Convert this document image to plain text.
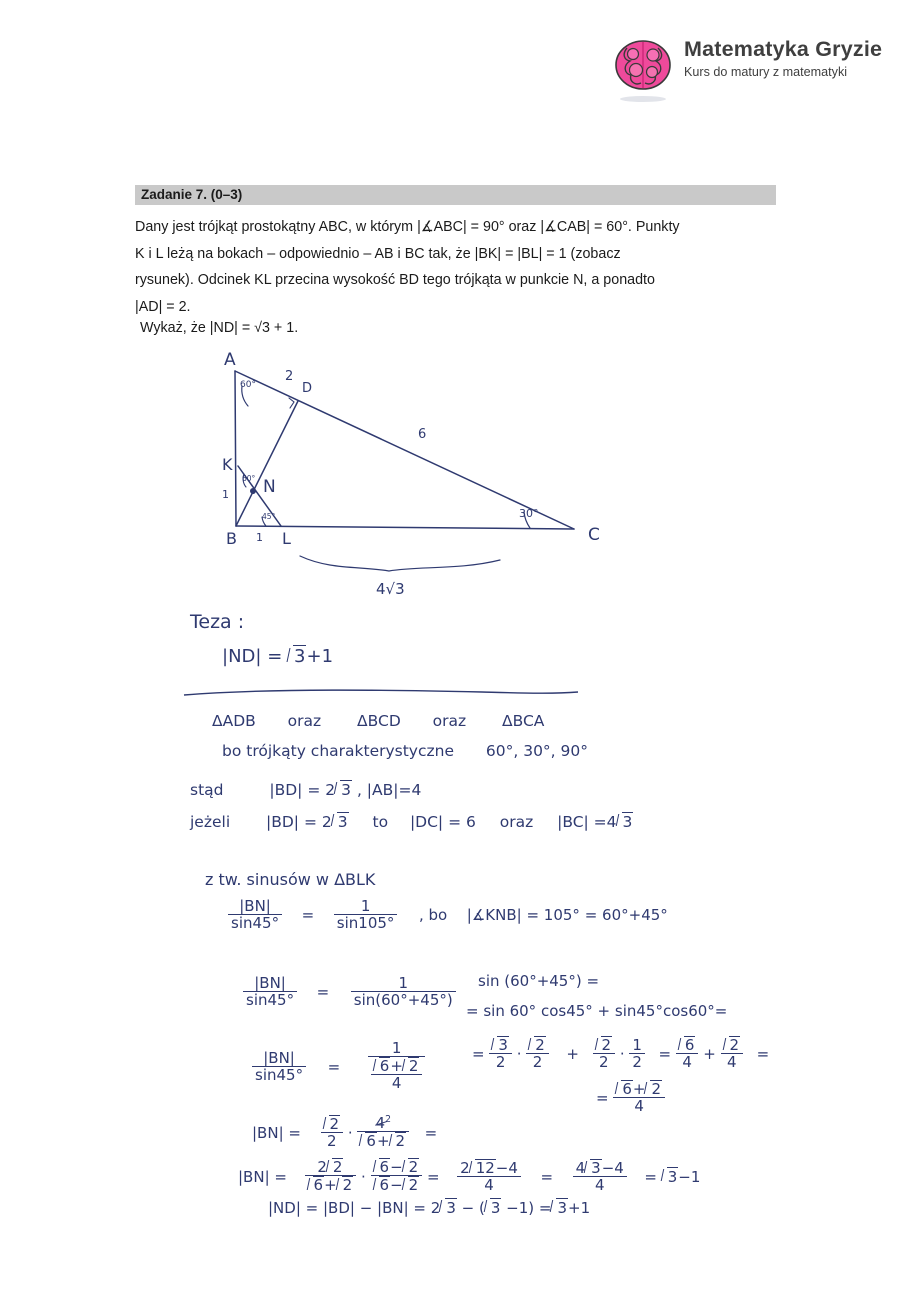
Matematyka Gryzie
Kurs do matury z matematyki
Zadanie 7. (0–3)
Dany jest trójkąt prostokątny ABC, w którym |∡ABC| = 90° oraz |∡CAB| = 60°. Punkty
K i L leżą na bokach – odpowiednio – AB i BC tak, że |BK| = |BL| = 1 (zobacz
rysunek). Odcinek KL przecina wysokość BD tego trójkąta w punkcie N, a ponadto
|AD| = 2.
Wykaż, że |ND| = √3 + 1.
A
B	C
D
K
L
N
60°
30°
60°
45°
2
6
1
1
4√3
Teza :
|ND| = 3+1
ΔADB oraz ΔBCD oraz ΔBCA
bo trójkąty charakterystyczne 60°, 30°, 90°
stąd	|BD| = 2 3 , |AB|=4
jeżeli |BD| = 2 3 to |DC| = 6 oraz |BC| =4 3
z tw. sinusów w ΔBLK
$\frac{|BN|}{\sin 45^\circ} = \frac{1}{\sin 105^\circ}$ , bo |∡KNB| = 105° = 60°+45°
$\frac{|BN|}{\sin 45^\circ} = \frac{1}{\sin(60^\circ+45^\circ)}$
$\frac{|BN|}{\sin 45^\circ} = \frac{1}{\frac{6+ 2}{4}}$
$|BN| = \frac{2}{2} \cdot \frac{4^2}{6+ 2}$ =
$|BN| = \frac{2 2}{6+ 2} \cdot \frac{6- 2}{6- 2} = \frac{2 12-4}{4} = \frac{4 3-4}{4} = 3-1$
|ND| = |BD| − |BN| = 2 3 − ( 3 −1) = 3+1
sin (60°+45°) =
= sin 60° cos45° + sin45°cos60°=
= $\frac{3}{2} \cdot \frac{2}{2} + \frac{2}{2} \cdot \frac{1}{2} = \frac{6}{4} + \frac{2}{4}$ =
= $\frac{6+ 2}{4}$
